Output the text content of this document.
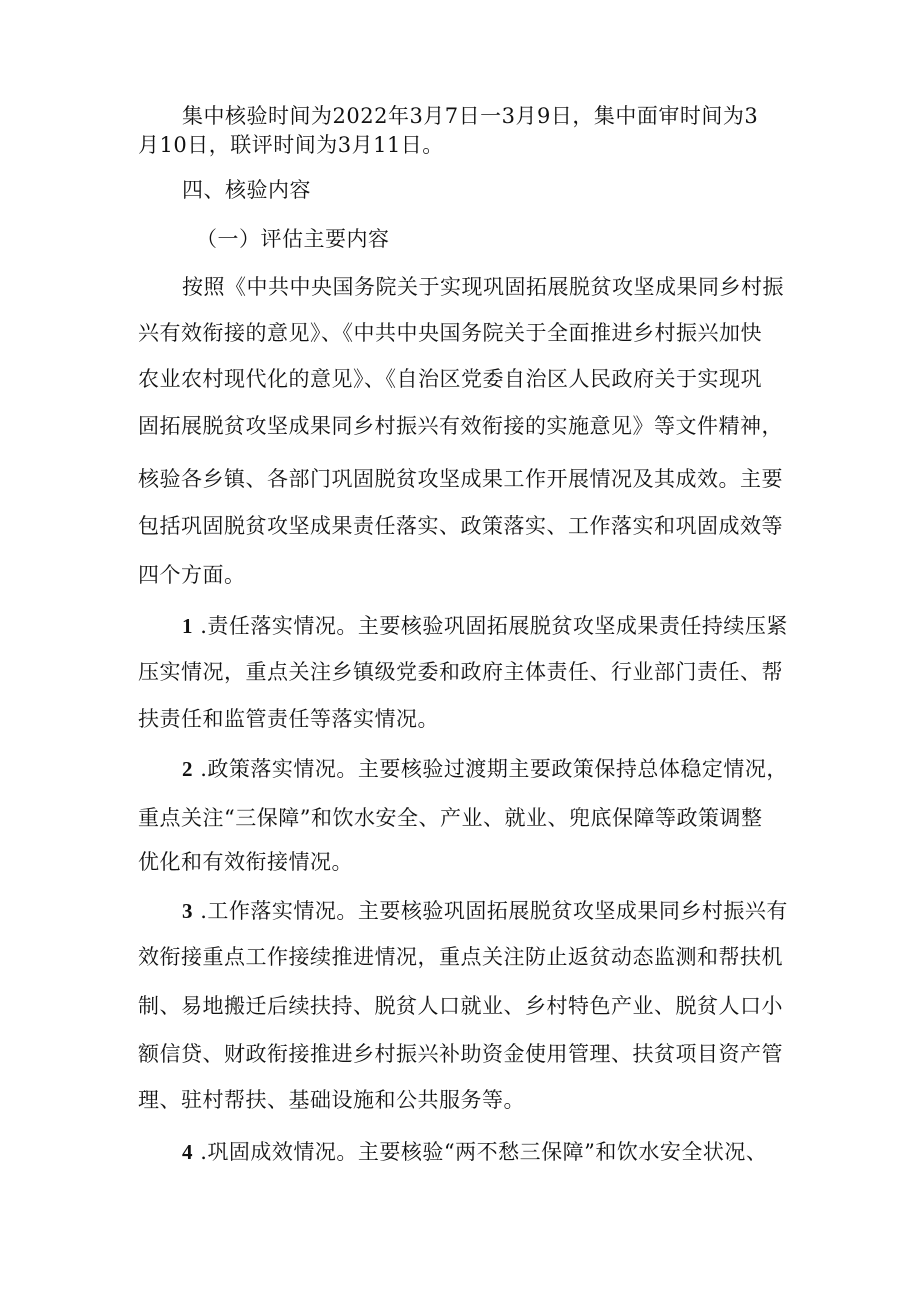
集中核验时间为2022年3月7日一3月9日，集中面审时间为3
月10日，联评时间为3月11日。
四、核验内容
（一）评估主要内容
按照《中共中央国务院关于实现巩固拓展脱贫攻坚成果同乡村振
兴有效衔接的意见》、《中共中央国务院关于全面推进乡村振兴加快
农业农村现代化的意见》、《自治区党委自治区人民政府关于实现巩
固拓展脱贫攻坚成果同乡村振兴有效衔接的实施意见》等文件精神，
核验各乡镇、各部门巩固脱贫攻坚成果工作开展情况及其成效。主要
包括巩固脱贫攻坚成果责任落实、政策落实、工作落实和巩固成效等
四个方面。
1 .责任落实情况。主要核验巩固拓展脱贫攻坚成果责任持续压紧
压实情况，重点关注乡镇级党委和政府主体责任、行业部门责任、帮
扶责任和监管责任等落实情况。
2 .政策落实情况。主要核验过渡期主要政策保持总体稳定情况，
重点关注“三保障”和饮水安全、产业、就业、兜底保障等政策调整
优化和有效衔接情况。
3 .工作落实情况。主要核验巩固拓展脱贫攻坚成果同乡村振兴有
效衔接重点工作接续推进情况，重点关注防止返贫动态监测和帮扶机
制、易地搬迁后续扶持、脱贫人口就业、乡村特色产业、脱贫人口小
额信贷、财政衔接推进乡村振兴补助资金使用管理、扶贫项目资产管
理、驻村帮扶、基础设施和公共服务等。
4 .巩固成效情况。主要核验“两不愁三保障”和饮水安全状况、
